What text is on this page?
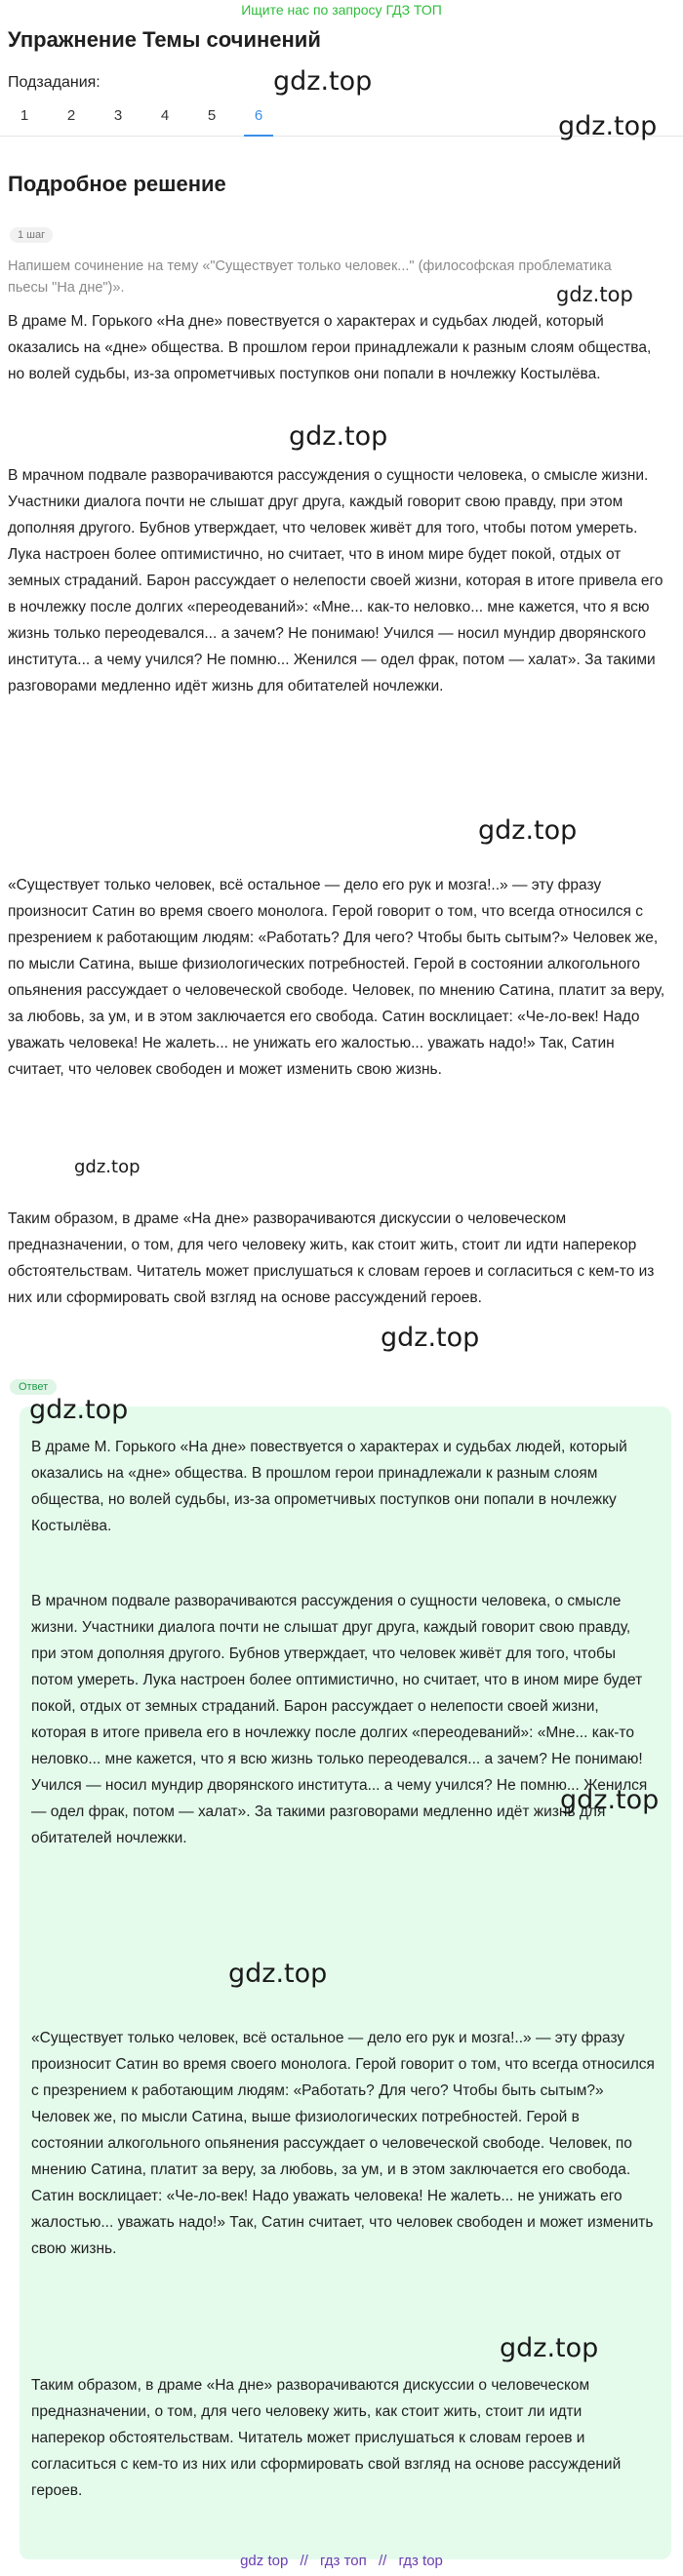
Ищите нас по запросу ГДЗ ТОП
Упражнение Темы сочинений
Подзадания:
1	2	3	4	5	6
Подробное решение
1 шаг
Напишем сочинение на тему «"Существует только человек..." (философская проблематика пьесы "На дне")».
В драме М. Горького «На дне» повествуется о характерах и судьбах людей, который оказались на «дне» общества. В прошлом герои принадлежали к разным слоям общества, но волей судьбы, из-за опрометчивых поступков они попали в ночлежку Костылёва.
В мрачном подвале разворачиваются рассуждения о сущности человека, о смысле жизни. Участники диалога почти не слышат друг друга, каждый говорит свою правду, при этом дополняя другого. Бубнов утверждает, что человек живёт для того, чтобы потом умереть. Лука настроен более оптимистично, но считает, что в ином мире будет покой, отдых от земных страданий. Барон рассуждает о нелепости своей жизни, которая в итоге привела его в ночлежку после долгих «переодеваний»: «Мне... как-то неловко... мне кажется, что я всю жизнь только переодевался... а зачем? Не понимаю! Учился — носил мундир дворянского института... а чему учился? Не помню... Женился — одел фрак, потом — халат». За такими разговорами медленно идёт жизнь для обитателей ночлежки.
«Существует только человек, всё остальное — дело его рук и мозга!..» — эту фразу произносит Сатин во время своего монолога. Герой говорит о том, что всегда относился с презрением к работающим людям: «Работать? Для чего? Чтобы быть сытым?» Человек же, по мысли Сатина, выше физиологических потребностей. Герой в состоянии алкогольного опьянения рассуждает о человеческой свободе. Человек, по мнению Сатина, платит за веру, за любовь, за ум, и в этом заключается его свобода. Сатин восклицает: «Че-ло-век! Надо уважать человека! Не жалеть... не унижать его жалостью... уважать надо!» Так, Сатин считает, что человек свободен и может изменить свою жизнь.
Таким образом, в драме «На дне» разворачиваются дискуссии о человеческом предназначении, о том, для чего человеку жить, как стоит жить, стоит ли идти наперекор обстоятельствам. Читатель может прислушаться к словам героев и согласиться с кем-то из них или сформировать свой взгляд на основе рассуждений героев.
Ответ
В драме М. Горького «На дне» повествуется о характерах и судьбах людей, который оказались на «дне» общества. В прошлом герои принадлежали к разным слоям общества, но волей судьбы, из-за опрометчивых поступков они попали в ночлежку Костылёва.
В мрачном подвале разворачиваются рассуждения о сущности человека, о смысле жизни. Участники диалога почти не слышат друг друга, каждый говорит свою правду, при этом дополняя другого. Бубнов утверждает, что человек живёт для того, чтобы потом умереть. Лука настроен более оптимистично, но считает, что в ином мире будет покой, отдых от земных страданий. Барон рассуждает о нелепости своей жизни, которая в итоге привела его в ночлежку после долгих «переодеваний»: «Мне... как-то неловко... мне кажется, что я всю жизнь только переодевался... а зачем? Не понимаю! Учился — носил мундир дворянского института... а чему учился? Не помню... Женился — одел фрак, потом — халат». За такими разговорами медленно идёт жизнь для обитателей ночлежки.
«Существует только человек, всё остальное — дело его рук и мозга!..» — эту фразу произносит Сатин во время своего монолога. Герой говорит о том, что всегда относился с презрением к работающим людям: «Работать? Для чего? Чтобы быть сытым?» Человек же, по мысли Сатина, выше физиологических потребностей. Герой в состоянии алкогольного опьянения рассуждает о человеческой свободе. Человек, по мнению Сатина, платит за веру, за любовь, за ум, и в этом заключается его свобода. Сатин восклицает: «Че-ло-век! Надо уважать человека! Не жалеть... не унижать его жалостью... уважать надо!» Так, Сатин считает, что человек свободен и может изменить свою жизнь.
Таким образом, в драме «На дне» разворачиваются дискуссии о человеческом предназначении, о том, для чего человеку жить, как стоит жить, стоит ли идти наперекор обстоятельствам. Читатель может прислушаться к словам героев и согласиться с кем-то из них или сформировать свой взгляд на основе рассуждений героев.
gdz.top
gdz.top
gdz.top
gdz.top
gdz.top
gdz.top
gdz.top
gdz.top
gdz.top
gdz.top
gdz.top
gdz top // гдз топ // гдз top
